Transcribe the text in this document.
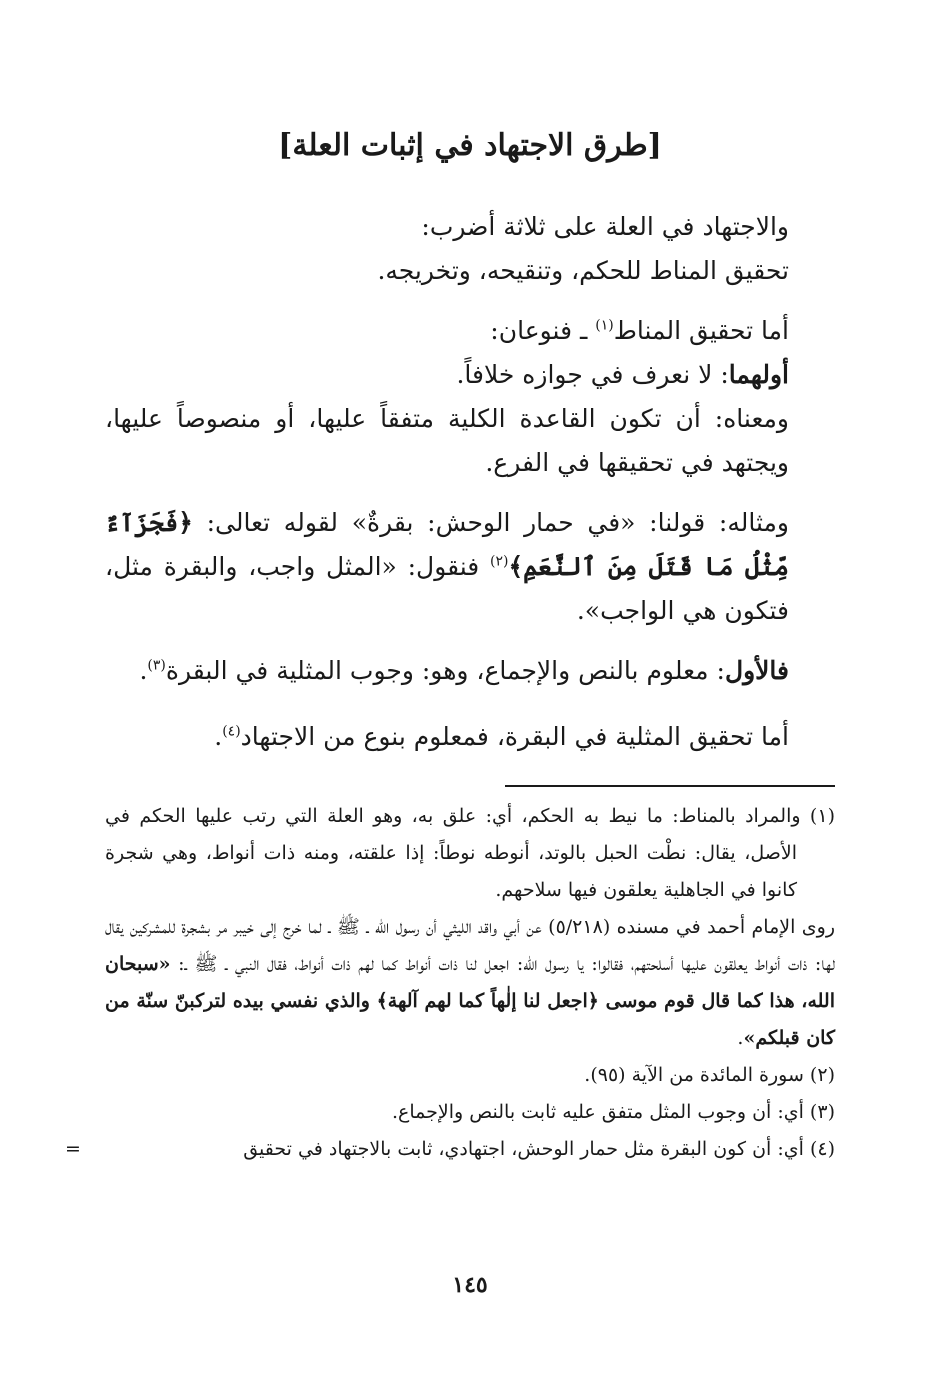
[طرق الاجتهاد في إثبات العلة]

والاجتهاد في العلة على ثلاثة أضرب:

تحقيق المناط للحكم، وتنقيحه، وتخريجه.

أما تحقيق المناط$^{(١)}$ ـ فنوعان:

أولهما: لا نعرف في جوازه خلافاً.

ومعناه: أن تكون القاعدة الكلية متفقاً عليها، أو منصوصاً عليها، ويجتهد في تحقيقها في الفرع.

ومثاله: قولنا: «في حمار الوحش: بقرةٌ» لقوله تعالى: ﴿فَجَزَآءٌ مِّثْلُ مَا قَتَلَ مِنَ ٱلنَّعَمِ﴾$^{(٢)}$ فنقول: «المثل واجب، والبقرة مثل، فتكون هي الواجب».

فالأول: معلوم بالنص والإجماع، وهو: وجوب المثلية في البقرة$^{(٣)}$.

أما تحقيق المثلية في البقرة، فمعلوم بنوع من الاجتهاد$^{(٤)}$.

(١) والمراد بالمناط: ما نيط به الحكم، أي: علق به، وهو العلة التي رتب عليها الحكم في الأصل، يقال: نطْت الحبل بالوتد، أنوطه نوطاً: إذا علقته، ومنه ذات أنواط، وهي شجرة كانوا في الجاهلية يعلقون فيها سلاحهم.

روى الإمام أحمد في مسنده (٥/٢١٨) عن أبي واقد الليثي أن رسول الله ـ ﷺ ـ لما خرج إلى خيبر مر بشجرة للمشركين يقال لها: ذات أنواط يعلقون عليها أسلحتهم، فقالوا: يا رسول الله: اجعل لنا ذات أنواط كما لهم ذات أنواط، فقال النبي ـ ﷺ ـ: «سبحان الله، هذا كما قال قوم موسى ﴿اجعل لنا إلٰهاً كما لهم آلهة﴾ والذي نفسي بيده لتركبنّ سنّة من كان قبلكم».

(٢) سورة المائدة من الآية (٩٥).

(٣) أي: أن وجوب المثل متفق عليه ثابت بالنص والإجماع.

(٤) أي: أن كون البقرة مثل حمار الوحش، اجتهادي، ثابت بالاجتهاد في تحقيق
=

١٤٥
